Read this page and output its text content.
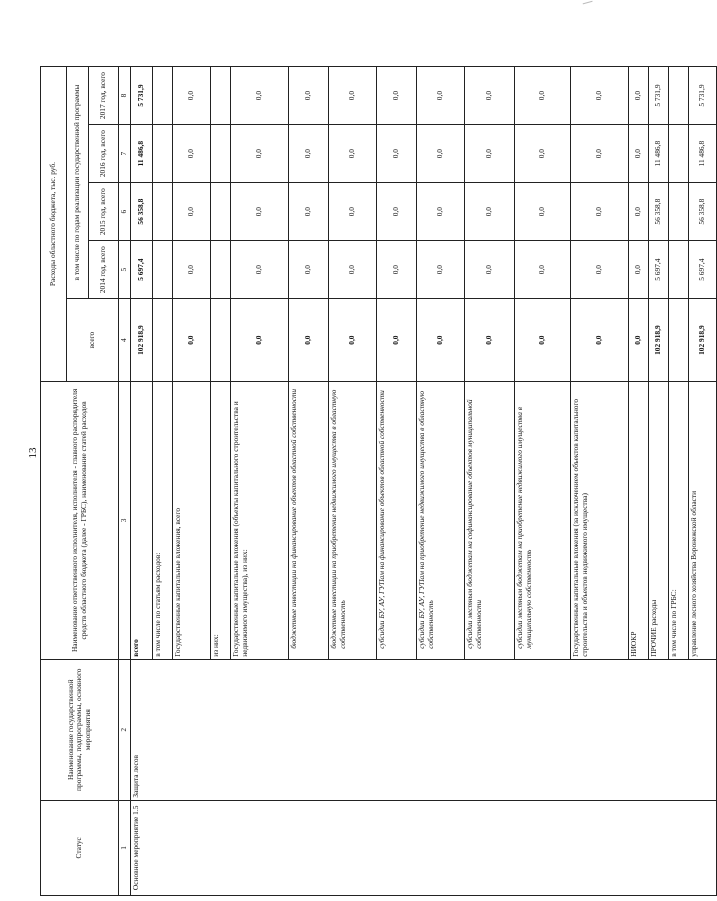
13
Статус	Наименование государственной программы, подпрограммы, основного мероприятия	Наименование ответственного исполнителя, исполнителя - главного распорядителя средств областного бюджета (далее - ГРБС), наименование статей расходов	Расходы областного бюджета, тыс. руб.				
			всего	в том числе по годам реализации государственной программы			
				2014 год, всего	2015 год, всего	2016 год, всего	2017 год, всего
1	2	3	4	5	6	7	8
Основное мероприятие 1.5	Защита лесов	всего	102 918,9	5 697,4	56 358,8	11 486,8	5 731,9
		в том числе по статьям расходов:					
		Государственные капитальные вложения, всего	0,0	0,0	0,0	0,0	0,0
		из них:					
		Государственные капитальные вложения (объекты капитального строительства и недвижимого имущества), из них:	0,0	0,0	0,0	0,0	0,0
		бюджетные инвестиции на финансирование объектов областной собственности	0,0	0,0	0,0	0,0	0,0
		бюджетные инвестиции на приобретение недвижимого имущества в областную собственность	0,0	0,0	0,0	0,0	0,0
		субсидии БУ, АУ, ГУПам на финансирование объектов областной собственности	0,0	0,0	0,0	0,0	0,0
		субсидии БУ, АУ, ГУПам на приобретение недвижимого имущества в областную собственность	0,0	0,0	0,0	0,0	0,0
		субсидии местным бюджетам на софинансирование объектов муниципальной собственности	0,0	0,0	0,0	0,0	0,0
		субсидии местным бюджетам на приобретение недвижимого имущества в муниципальную собственность	0,0	0,0	0,0	0,0	0,0
		Государственные капитальные вложения (за исключением объектов капитального строительства и объектов недвижимого имущества)	0,0	0,0	0,0	0,0	0,0
		НИОКР	0,0	0,0	0,0	0,0	0,0
		ПРОЧИЕ расходы	102 918,9	5 697,4	56 358,8	11 486,8	5 731,9
		в том числе по ГРБС:					
		управление лесного хозяйства Воронежской области	102 918,9	5 697,4	56 358,8	11 486,8	5 731,9
